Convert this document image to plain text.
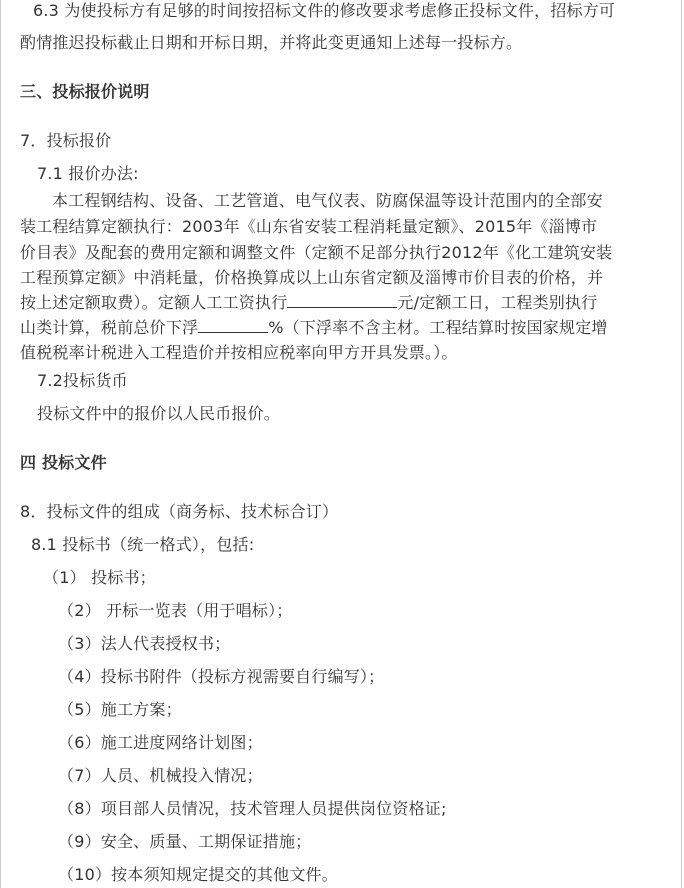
6.3 为使投标方有足够的时间按招标文件的修改要求考虑修正投标文件，招标方可
酌情推迟投标截止日期和开标日期，并将此变更通知上述每一投标方。
三、投标报价说明
7．投标报价
7.1 报价办法:
本工程钢结构、设备、工艺管道、电气仪表、防腐保温等设计范围内的全部安
装工程结算定额执行：2003年《山东省安装工程消耗量定额》、2015年《淄博市
价目表》及配套的费用定额和调整文件（定额不足部分执行2012年《化工建筑安装
工程预算定额》中消耗量，价格换算成以上山东省定额及淄博市价目表的价格，并
按上述定额取费）。定额人工工资执行	元/定额工日，工程类别执行
山类计算，税前总价下浮	%（下浮率不含主材。工程结算时按国家规定增
值税税率计税进入工程造价并按相应税率向甲方开具发票。）。
7.2投标货币
投标文件中的报价以人民币报价。
四 投标文件
8．投标文件的组成（商务标、技术标合订）
8.1 投标书（统一格式），包括:
（1） 投标书；
（2） 开标一览表（用于唱标）；
（3）法人代表授权书；
（4）投标书附件（投标方视需要自行编写）；
（5）施工方案；
（6）施工进度网络计划图；
（7）人员、机械投入情况；
（8）项目部人员情况，技术管理人员提供岗位资格证;
（9）安全、质量、工期保证措施；
（10）按本须知规定提交的其他文件。
